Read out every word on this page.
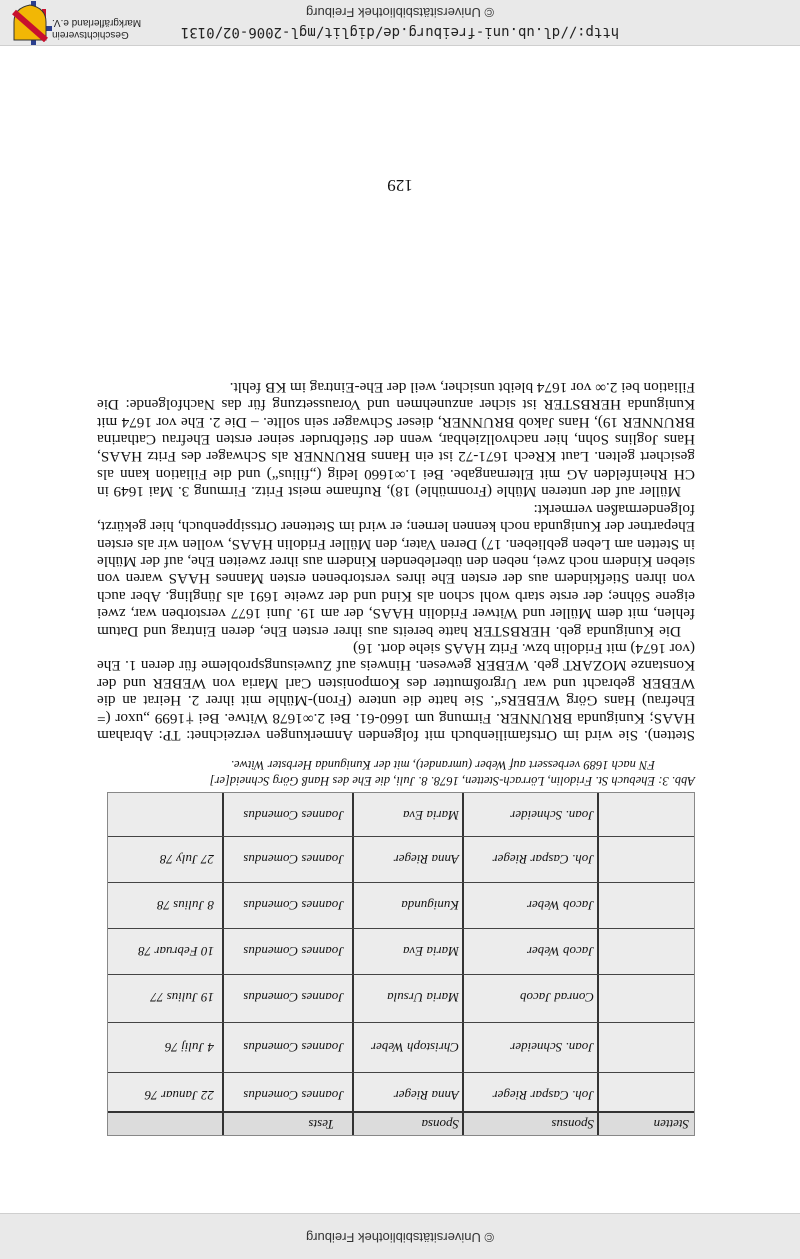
© Universitätsbibliothek Freiburg
Stetten
Sponsus
Sponsa
Tests
Joh. Caspar Rieger
Anna Rieger
Joannes Comendus
22 Januar 76
Joan. Schneider
Christoph Weber
Joannes Comendus
4 Julij 76
Conrad Jacob
Maria Ursula
Joannes Comendus
19 Julius 77
Jacob Weber
Maria Eva
Joannes Comendus
10 Februar 78
Jacob Weber
Kunigunda
Joannes Comendus
8 Julius 78
Joh. Caspar Rieger
Anna Rieger
Joannes Comendus
27 July 78
Joan. Schneider
Maria Eva
Joannes Comendus
Abb. 3: Ehebuch St. Fridolin, Lörrach-Stetten, 1678. 8. Juli, die Ehe des Hanß Görg Schneid[er]
FN nach 1689 verbessert auf Weber (umrandet), mit der Kunigunda Herbster Witwe.

Stetten). Sie wird im Ortsfamilienbuch mit folgenden Anmerkungen verzeichnet: TP: Abraham HAAS; Kunigunda BRUNNER. Firmung um 1660-61. Bei 2.∞1678 Witwe. Bei †1699 „uxor (= Ehefrau) Hans Görg WEBERs“. Sie hatte die untere (Fron)-Mühle mit ihrer 2. Heirat an die WEBER gebracht und war Urgroßmutter des Komponisten Carl Maria von WEBER und der Konstanze MOZART geb. WEBER gewesen. Hinweis auf Zuweisungsprobleme für deren 1. Ehe (vor 1674) mit Fridolin bzw. Fritz HAAS siehe dort. 16)

Die Kunigunda geb. HERBSTER hatte bereits aus ihrer ersten Ehe, deren Eintrag und Datum fehlen, mit dem Müller und Witwer Fridolin HAAS, der am 19. Juni 1677 verstorben war, zwei eigene Söhne; der erste starb wohl schon als Kind und der zweite 1691 als Jüngling. Aber auch von ihren Stiefkindern aus der ersten Ehe ihres verstorbenen ersten Mannes HAAS waren von sieben Kindern noch zwei, neben den überlebenden Kindern aus ihrer zweiten Ehe, auf der Mühle in Stetten am Leben geblieben. 17) Deren Vater, den Müller Fridolin HAAS, wollen wir als ersten Ehepartner der Kunigunda noch kennen lernen; er wird im Stettener Ortssippenbuch, hier gekürzt, folgendermaßen vermerkt:

Müller auf der unteren Mühle (Fronmühle) 18), Rufname meist Fritz. Firmung 3. Mai 1649 in CH Rheinfelden AG mit Elternangabe. Bei 1.∞1660 ledig („filius“) und die Filiation kann als gesichert gelten. Laut KRech 1671-72 ist ein Hanns BRUNNER als Schwager des Fritz HAAS, Hans Joglins Sohn, hier nachvollziehbar, wenn der Stiefbruder seiner ersten Ehefrau Catharina BRUNNER 19), Hans Jakob BRUNNER, dieser Schwager sein sollte. – Die 2. Ehe vor 1674 mit Kunigunda HERBSTER ist sicher anzunehmen und Voraussetzung für das Nachfolgende: Die Filiation bei 2.∞ vor 1674 bleibt unsicher, weil der Ehe-Eintrag im KB fehlt.

129
http://dl.ub.uni-freiburg.de/diglit/mgl-2006-02/0131
© Universitätsbibliothek Freiburg
Geschichtsverein
Markgräflerland e.V.
